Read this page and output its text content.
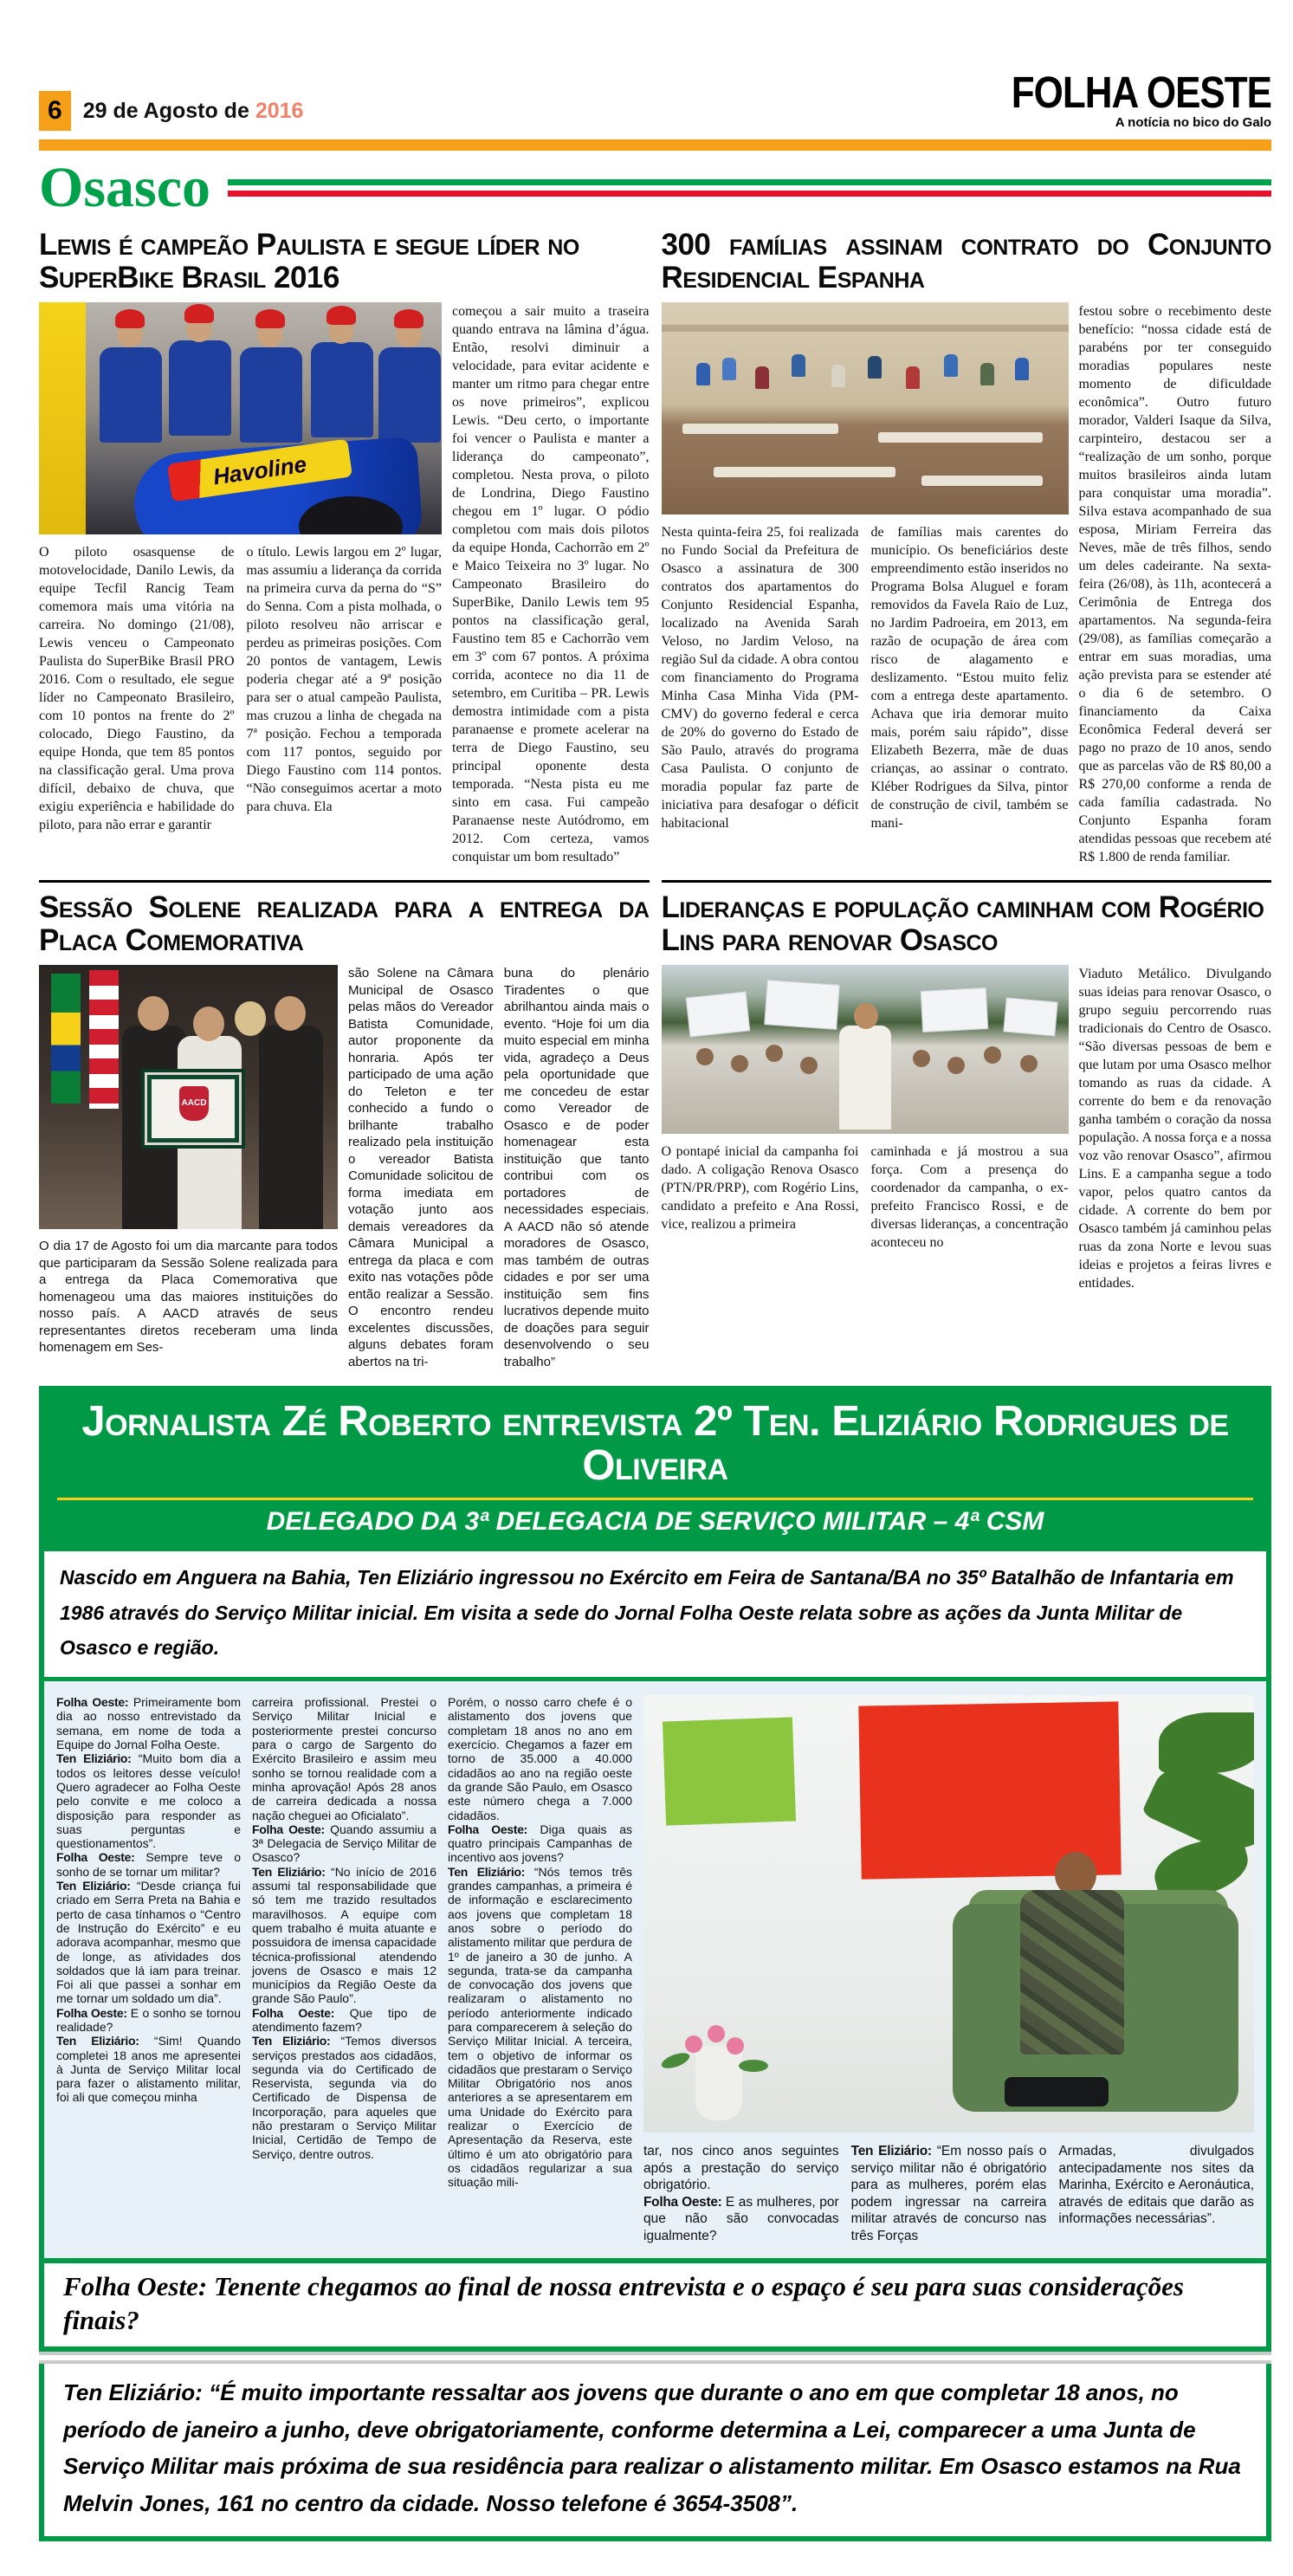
6 29 de Agosto de 2016	FOLHA OESTE
A notícia no bico do Galo
Osasco
Lewis é campeão Paulista e segue líder no SuperBike Brasil 2016
Havoline
O piloto osasquense de motovelocidade, Danilo Lewis, da equipe Tecfil Rancig Team comemora mais uma vitória na carreira. No domingo (21/08), Lewis venceu o Campeonato Paulista do SuperBike Brasil PRO 2016. Com o resultado, ele segue líder no Campeonato Brasileiro, com 10 pontos na frente do 2º colocado, Diego Faustino, da equipe Honda, que tem 85 pontos na classificação geral. Uma prova difícil, debaixo de chuva, que exigiu experiência e habilidade do piloto, para não errar e garantir
o título. Lewis largou em 2º lugar, mas assumiu a liderança da corrida na primeira curva da perna do “S” do Senna. Com a pista molhada, o piloto resolveu não arriscar e perdeu as primeiras posições. Com 20 pontos de vantagem, Lewis poderia chegar até a 9ª posição para ser o atual campeão Paulista, mas cruzou a linha de chegada na 7ª posição. Fechou a temporada com 117 pontos, seguido por Diego Faustino com 114 pontos. “Não conseguimos acertar a moto para chuva. Ela
começou a sair muito a traseira quando entrava na lâmina d’água. Então, resolvi diminuir a velocidade, para evitar acidente e manter um ritmo para chegar entre os nove primeiros”, explicou Lewis. “Deu certo, o importante foi vencer o Paulista e manter a liderança do campeonato”, completou. Nesta prova, o piloto de Londrina, Diego Faustino chegou em 1º lugar. O pódio completou com mais dois pilotos da equipe Honda, Cachorrão em 2º e Maico Teixeira no 3º lugar. No Campeonato Brasileiro do SuperBike, Danilo Lewis tem 95 pontos na classificação geral, Faustino tem 85 e Cachorrão vem em 3º com 67 pontos. A próxima corrida, acontece no dia 11 de setembro, em Curitiba – PR. Lewis demostra intimidade com a pista paranaense e promete acelerar na terra de Diego Faustino, seu principal oponente desta temporada. “Nesta pista eu me sinto em casa. Fui campeão Paranaense neste Autódromo, em 2012. Com certeza, vamos conquistar um bom resultado”
Sessão Solene realizada para a entrega da Placa Comemorativa
AACD
O dia 17 de Agosto foi um dia marcante para todos que participaram da Sessão Solene realizada para a entrega da Placa Comemorativa que homenageou uma das maiores instituições do nosso país. A AACD através de seus representantes diretos receberam uma linda homenagem em Ses-
são Solene na Câmara Municipal de Osasco pelas mãos do Vereador Batista Comunidade, autor proponente da honraria. Após ter participado de uma ação do Teleton e ter conhecido a fundo o brilhante trabalho realizado pela instituição o vereador Batista Comunidade solicitou de forma imediata em votação junto aos demais vereadores da Câmara Municipal a entrega da placa e com exito nas votações pôde então realizar a Sessão. O encontro rendeu excelentes discussões, alguns debates foram abertos na tri-
buna do plenário Tiradentes o que abrilhantou ainda mais o evento. “Hoje foi um dia muito especial em minha vida, agradeço a Deus pela oportunidade que me concedeu de estar como Vereador de Osasco e de poder homenagear esta instituição que tanto contribui com os portadores de necessidades especiais. A AACD não só atende moradores de Osasco, mas também de outras cidades e por ser uma instituição sem fins lucrativos depende muito de doações para seguir desenvolvendo o seu trabalho”
300 famílias assinam contrato do Conjunto Residencial Espanha
Nesta quinta-feira 25, foi realizada no Fundo Social da Prefeitura de Osasco a assinatura de 300 contratos dos apartamentos do Conjunto Residencial Espanha, localizado na Avenida Sarah Veloso, no Jardim Veloso, na região Sul da cidade. A obra contou com financiamento do Programa Minha Casa Minha Vida (PM-CMV) do governo federal e cerca de 20% do governo do Estado de São Paulo, através do programa Casa Paulista. O conjunto de moradia popular faz parte de iniciativa para desafogar o déficit habitacional
de famílias mais carentes do município. Os beneficiários deste empreendimento estão inseridos no Programa Bolsa Aluguel e foram removidos da Favela Raio de Luz, no Jardim Padroeira, em 2013, em razão de ocupação de área com risco de alagamento e deslizamento. “Estou muito feliz com a entrega deste apartamento. Achava que iria demorar muito mais, porém saiu rápido”, disse Elizabeth Bezerra, mãe de duas crianças, ao assinar o contrato. Kléber Rodrigues da Silva, pintor de construção de civil, também se mani-
festou sobre o recebimento deste benefício: “nossa cidade está de parabéns por ter conseguido moradias populares neste momento de dificuldade econômica”. Outro futuro morador, Valderi Isaque da Silva, carpinteiro, destacou ser a “realização de um sonho, porque muitos brasileiros ainda lutam para conquistar uma moradia”. Silva estava acompanhado de sua esposa, Miriam Ferreira das Neves, mãe de três filhos, sendo um deles cadeirante. Na sexta-feira (26/08), às 11h, acontecerá a Cerimônia de Entrega dos apartamentos. Na segunda-feira (29/08), as famílias começarão a entrar em suas moradias, uma ação prevista para se estender até o dia 6 de setembro. O financiamento da Caixa Econômica Federal deverá ser pago no prazo de 10 anos, sendo que as parcelas vão de R$ 80,00 a R$ 270,00 conforme a renda de cada família cadastrada. No Conjunto Espanha foram atendidas pessoas que recebem até R$ 1.800 de renda familiar.
Lideranças e população caminham com Rogério Lins para renovar Osasco
O pontapé inicial da campanha foi dado. A coligação Renova Osasco (PTN/PR/PRP), com Rogério Lins, candidato a prefeito e Ana Rossi, vice, realizou a primeira
caminhada e já mostrou a sua força. Com a presença do coordenador da campanha, o ex-prefeito Francisco Rossi, e de diversas lideranças, a concentração aconteceu no
Viaduto Metálico. Divulgando suas ideias para renovar Osasco, o grupo seguiu percorrendo ruas tradicionais do Centro de Osasco. “São diversas pessoas de bem e que lutam por uma Osasco melhor tomando as ruas da cidade. A corrente do bem e da renovação ganha também o coração da nossa população. A nossa força e a nossa voz vão renovar Osasco”, afirmou Lins. E a campanha segue a todo vapor, pelos quatro cantos da cidade. A corrente do bem por Osasco também já caminhou pelas ruas da zona Norte e levou suas ideias e projetos a feiras livres e entidades.
Jornalista Zé Roberto entrevista 2º Ten. Eliziário Rodrigues de Oliveira
DELEGADO DA 3ª DELEGACIA DE SERVIÇO MILITAR – 4ª CSM
Nascido em Anguera na Bahia, Ten Eliziário ingressou no Exército em Feira de Santana/BA no 35º Batalhão de Infantaria em 1986 através do Serviço Militar inicial. Em visita a sede do Jornal Folha Oeste relata sobre as ações da Junta Militar de Osasco e região.

Folha Oeste: Primeiramente bom dia ao nosso entrevistado da semana, em nome de toda a Equipe do Jornal Folha Oeste.

Ten Eliziário: “Muito bom dia a todos os leitores desse veículo! Quero agradecer ao Folha Oeste pelo convite e me coloco a disposição para responder as suas perguntas e questionamentos”.

Folha Oeste: Sempre teve o sonho de se tornar um militar?

Ten Eliziário: “Desde criança fui criado em Serra Preta na Bahia e perto de casa tínhamos o “Centro de Instrução do Exército” e eu adorava acompanhar, mesmo que de longe, as atividades dos soldados que lá iam para treinar. Foi ali que passei a sonhar em me tornar um soldado um dia”.

Folha Oeste: E o sonho se tornou realidade?

Ten Eliziário: “Sim! Quando completei 18 anos me apresentei à Junta de Serviço Militar local para fazer o alistamento militar, foi ali que começou minha

carreira profissional. Prestei o Serviço Militar Inicial e posteriormente prestei concurso para o cargo de Sargento do Exército Brasileiro e assim meu sonho se tornou realidade com a minha aprovação! Após 28 anos de carreira dedicada a nossa nação cheguei ao Oficialato”.

Folha Oeste: Quando assumiu a 3ª Delegacia de Serviço Militar de Osasco?

Ten Eliziário: “No início de 2016 assumi tal responsabilidade que só tem me trazido resultados maravilhosos. A equipe com quem trabalho é muita atuante e possuidora de imensa capacidade técnica-profissional atendendo jovens de Osasco e mais 12 municípios da Região Oeste da grande São Paulo”.

Folha Oeste: Que tipo de atendimento fazem?

Ten Eliziário: “Temos diversos serviços prestados aos cidadãos, segunda via do Certificado de Reservista, segunda via do Certificado de Dispensa de Incorporação, para aqueles que não prestaram o Serviço Militar Inicial, Certidão de Tempo de Serviço, dentre outros.

Porém, o nosso carro chefe é o alistamento dos jovens que completam 18 anos no ano em exercício. Chegamos a fazer em torno de 35.000 a 40.000 cidadãos ao ano na região oeste da grande São Paulo, em Osasco este número chega a 7.000 cidadãos.

Folha Oeste: Diga quais as quatro principais Campanhas de incentivo aos jovens?

Ten Eliziário: “Nós temos três grandes campanhas, a primeira é de informação e esclarecimento aos jovens que completam 18 anos sobre o período do alistamento militar que perdura de 1º de janeiro a 30 de junho. A segunda, trata-se da campanha de convocação dos jovens que realizaram o alistamento no período anteriormente indicado para comparecerem à seleção do Serviço Militar Inicial. A terceira, tem o objetivo de informar os cidadãos que prestaram o Serviço Militar Obrigatório nos anos anteriores a se apresentarem em uma Unidade do Exército para realizar o Exercício de Apresentação da Reserva, este último é um ato obrigatório para os cidadãos regularizar a sua situação mili-

tar, nos cinco anos seguintes após a prestação do serviço obrigatório.

Folha Oeste: E as mulheres, por que não são convocadas igualmente?

Ten Eliziário: “Em nosso país o serviço militar não é obrigatório para as mulheres, porém elas podem ingressar na carreira militar através de concurso nas três Forças

Armadas, divulgados antecipadamente nos sites da Marinha, Exército e Aeronáutica, através de editais que darão as informações necessárias”.

Folha Oeste: Tenente chegamos ao final de nossa entrevista e o espaço é seu para suas considerações finais?
Ten Eliziário: “É muito importante ressaltar aos jovens que durante o ano em que completar 18 anos, no período de janeiro a junho, deve obrigatoriamente, conforme determina a Lei, comparecer a uma Junta de Serviço Militar mais próxima de sua residência para realizar o alistamento militar. Em Osasco estamos na Rua Melvin Jones, 161 no centro da cidade. Nosso telefone é 3654-3508”.
